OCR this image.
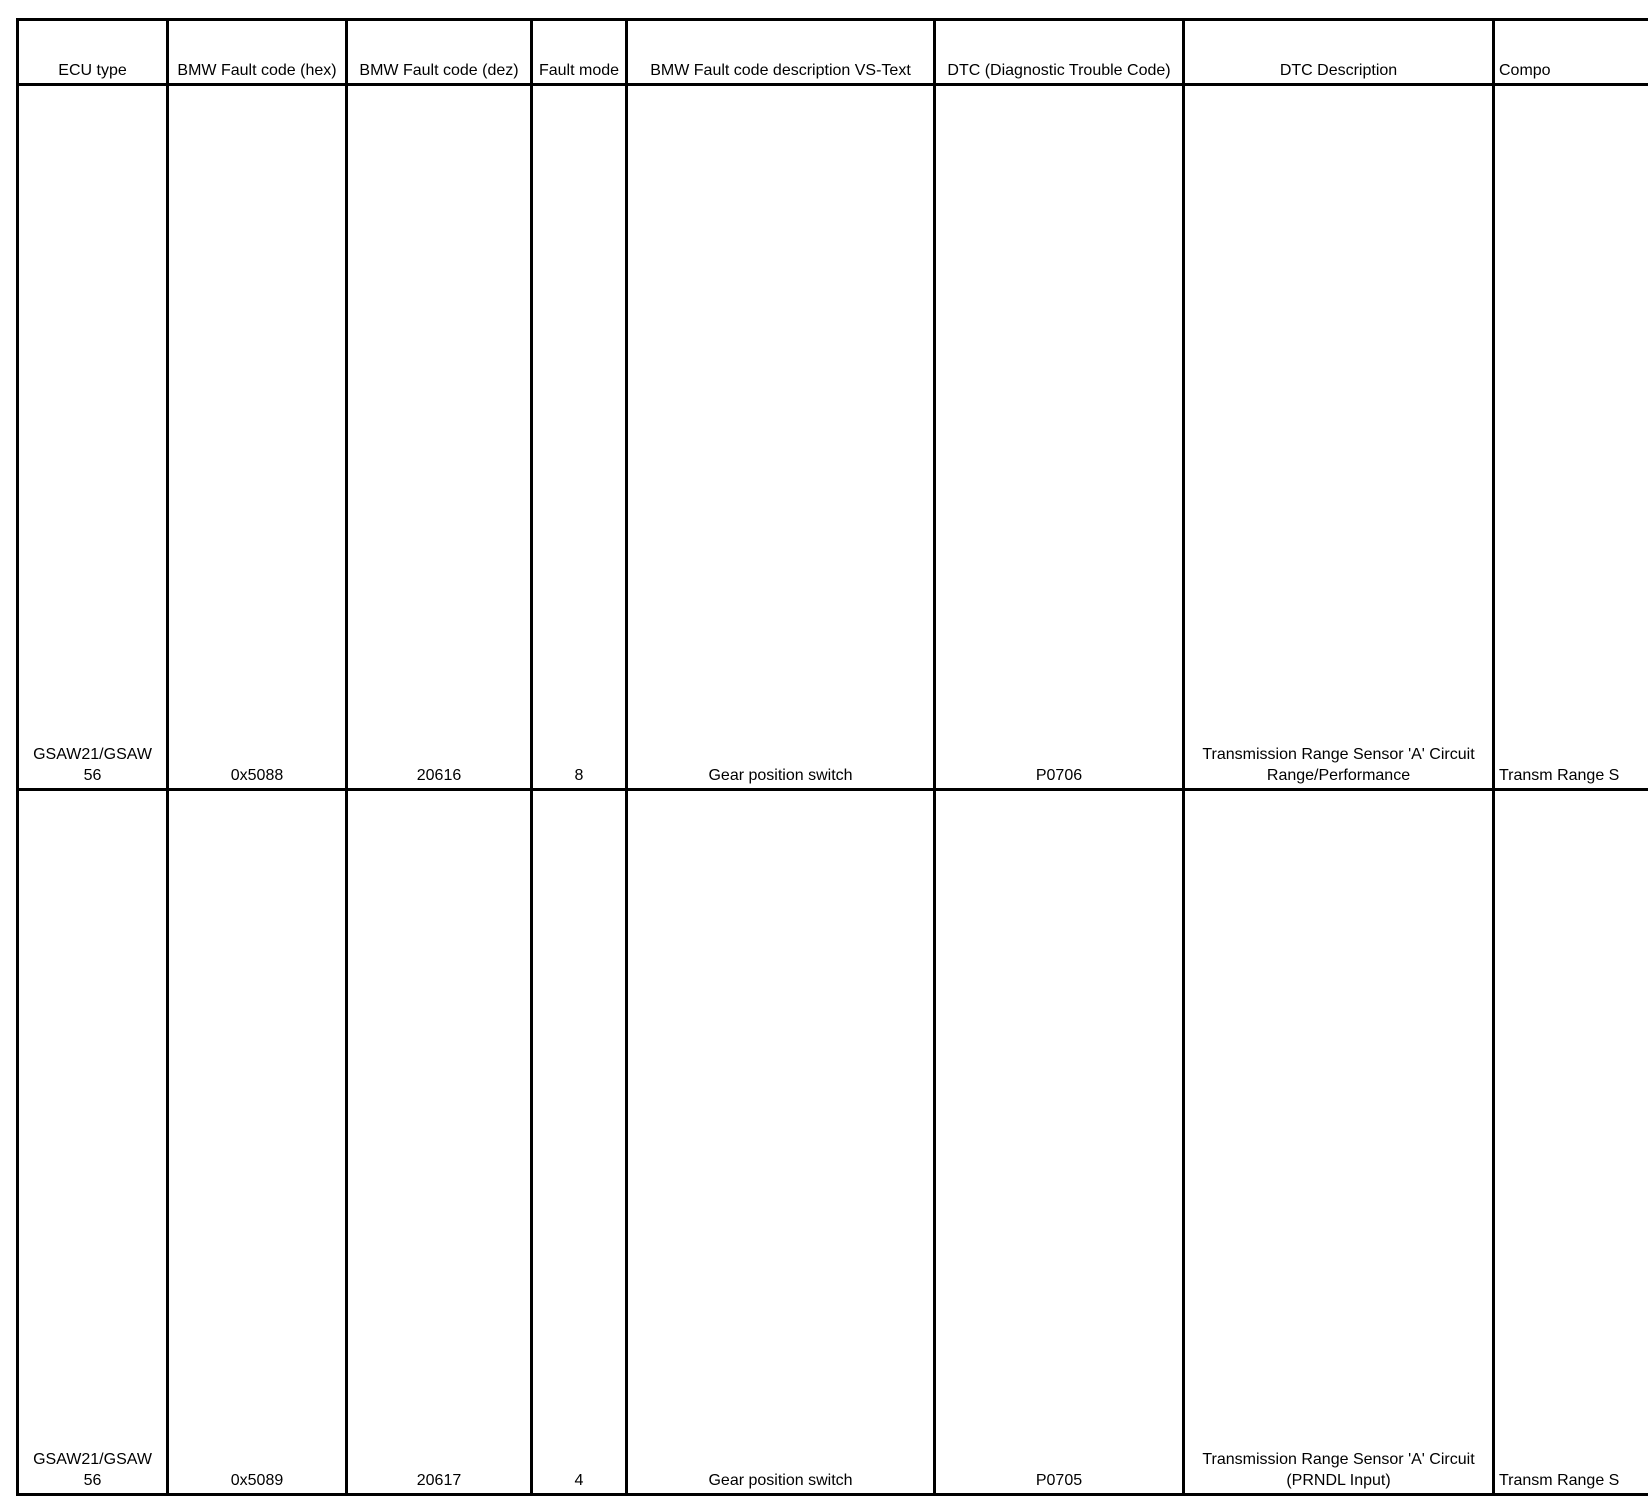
ECU type	BMW Fault code (hex)	BMW Fault code (dez)	Fault mode	BMW Fault code description VS-Text	DTC (Diagnostic Trouble Code)	DTC Description	Compo
GSAW21/GSAW 56	0x5088	20616	8	Gear position switch	P0706	Transmission Range Sensor 'A' Circuit Range/Performance	Transm Range S
GSAW21/GSAW 56	0x5089	20617	4	Gear position switch	P0705	Transmission Range Sensor 'A' Circuit (PRNDL Input)	Transm Range S
